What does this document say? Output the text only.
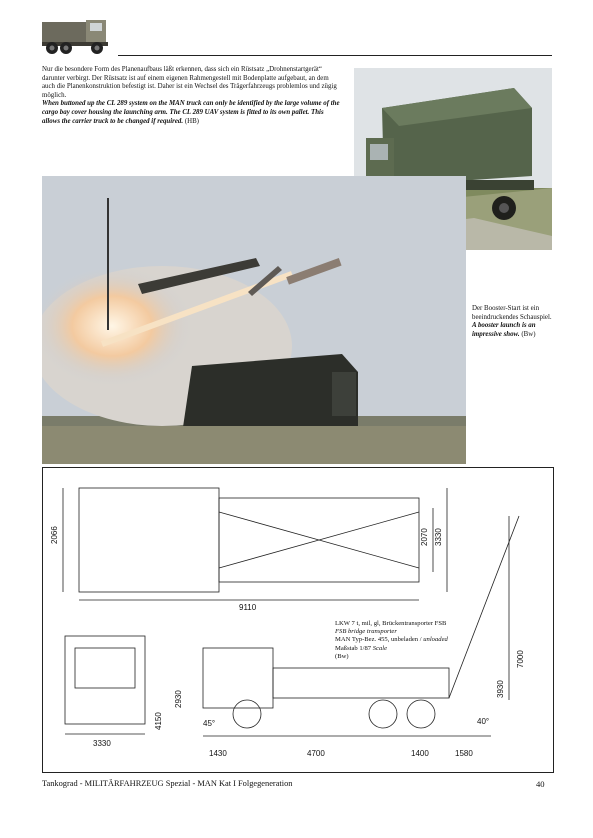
Nur die besondere Form des Planenaufbaus läßt erkennen, dass sich ein Rüstsatz „Drohnenstartgerät“ darunter verbirgt. Der Rüstsatz ist auf einem eigenen Rahmengestell mit Bodenplatte aufgebaut, an dem auch die Planenkonstruktion befestigt ist. Daher ist ein Wechsel des Trägerfahrzeugs problemlos und zügig möglich.

When buttoned up the CL 289 system on the MAN truck can only be identified by the large volume of the cargo bay cover housing the launching arm. The CL 289 UAV system is fitted to its own pallet. This allows the carrier truck to be changed if required. (HB)

Der Booster-Start ist ein beeindruckendes Schauspiel.

A booster launch is an impressive show. (Bw)

2066	2070 3330
9110
3330
4150
2930
3930
7000
45°	40°
1430	4700	1400	1580

LKW 7 t, mil, gl, Brückentransporter FSB

FSB bridge transporter

MAN Typ-Bez. 455, unbeladen / unloaded

Maßstab 1/87 Scale

(Bw)

Tankograd - MILITÄRFAHRZEUG Spezial - MAN Kat I Folgegeneration	40
